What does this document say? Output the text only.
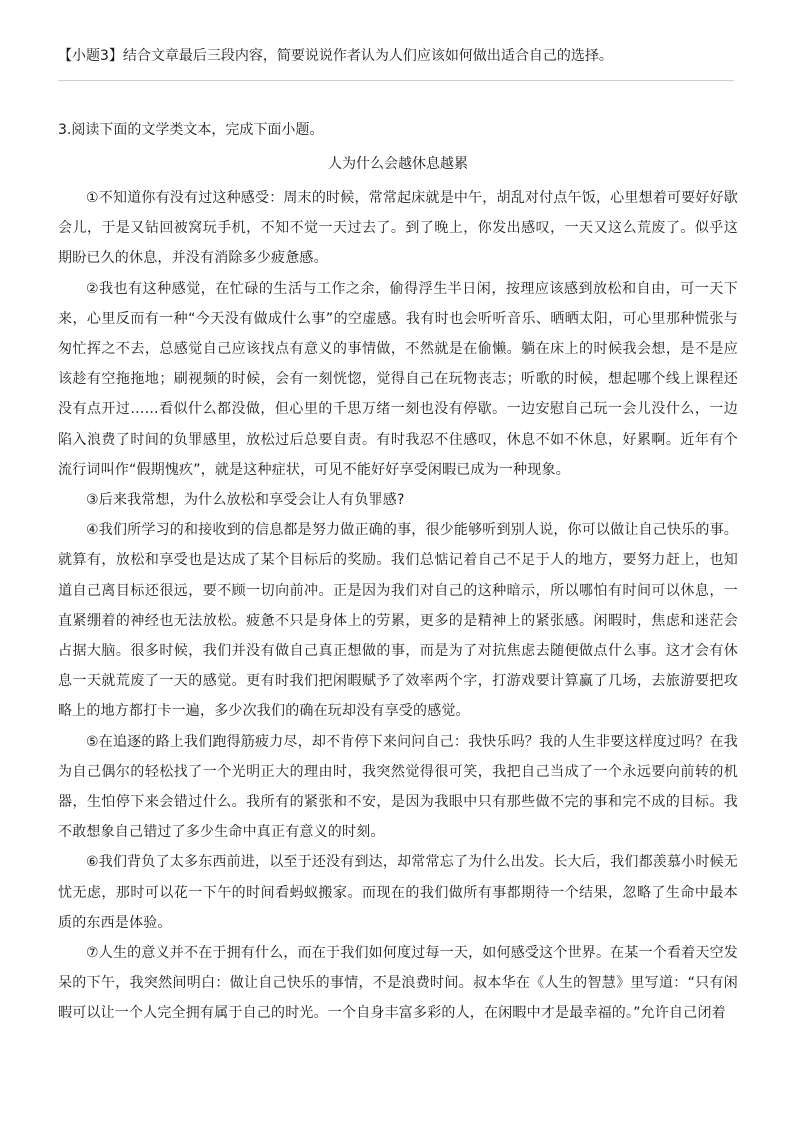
【小题3】结合文章最后三段内容，简要说说作者认为人们应该如何做出适合自己的选择。
3.阅读下面的文学类文本，完成下面小题。
人为什么会越休息越累

①不知道你有没有过这种感受：周末的时候，常常起床就是中午，胡乱对付点午饭，心里想着可要好好歇会儿，于是又钻回被窝玩手机，不知不觉一天过去了。到了晚上，你发出感叹，一天又这么荒废了。似乎这期盼已久的休息，并没有消除多少疲惫感。

②我也有这种感觉，在忙碌的生活与工作之余，偷得浮生半日闲，按理应该感到放松和自由，可一天下来，心里反而有一种“今天没有做成什么事”的空虚感。我有时也会听听音乐、晒晒太阳，可心里那种慌张与匆忙挥之不去，总感觉自己应该找点有意义的事情做，不然就是在偷懒。躺在床上的时候我会想，是不是应该趁有空拖拖地；刷视频的时候，会有一刻恍惚，觉得自己在玩物丧志；听歌的时候，想起哪个线上课程还没有点开过……看似什么都没做，但心里的千思万绪一刻也没有停歇。一边安慰自己玩一会儿没什么，一边陷入浪费了时间的负罪感里，放松过后总要自责。有时我忍不住感叹，休息不如不休息，好累啊。近年有个流行词叫作“假期愧疚”，就是这种症状，可见不能好好享受闲暇已成为一种现象。

③后来我常想，为什么放松和享受会让人有负罪感?

④我们所学习的和接收到的信息都是努力做正确的事，很少能够听到别人说，你可以做让自己快乐的事。就算有，放松和享受也是达成了某个目标后的奖励。我们总惦记着自己不足于人的地方，要努力赶上，也知道自己离目标还很远，要不顾一切向前冲。正是因为我们对自己的这种暗示，所以哪怕有时间可以休息，一直紧绷着的神经也无法放松。疲惫不只是身体上的劳累，更多的是精神上的紧张感。闲暇时，焦虑和迷茫会占据大脑。很多时候，我们并没有做自己真正想做的事，而是为了对抗焦虑去随便做点什么事。这才会有休息一天就荒废了一天的感觉。更有时我们把闲暇赋予了效率两个字，打游戏要计算赢了几场，去旅游要把攻略上的地方都打卡一遍，多少次我们的确在玩却没有享受的感觉。

⑤在追逐的路上我们跑得筋疲力尽，却不肯停下来问问自己：我快乐吗？我的人生非要这样度过吗？在我为自己偶尔的轻松找了一个光明正大的理由时，我突然觉得很可笑，我把自己当成了一个永远要向前转的机器，生怕停下来会错过什么。我所有的紧张和不安，是因为我眼中只有那些做不完的事和完不成的目标。我不敢想象自己错过了多少生命中真正有意义的时刻。

⑥我们背负了太多东西前进，以至于还没有到达，却常常忘了为什么出发。长大后，我们都羡慕小时候无忧无虑，那时可以花一下午的时间看蚂蚁搬家。而现在的我们做所有事都期待一个结果，忽略了生命中最本质的东西是体验。

⑦人生的意义并不在于拥有什么，而在于我们如何度过每一天，如何感受这个世界。在某一个看着天空发呆的下午，我突然间明白：做让自己快乐的事情，不是浪费时间。叔本华在《人生的智慧》里写道：“只有闲暇可以让一个人完全拥有属于自己的时光。一个自身丰富多彩的人，在闲暇中才是最幸福的。”允许自己闭着
